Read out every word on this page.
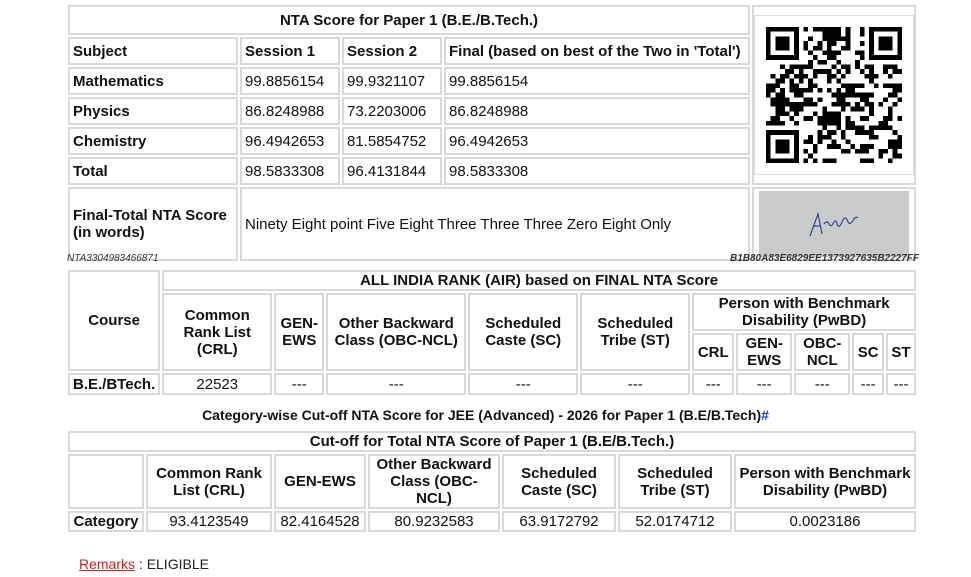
NTA Score for Paper 1 (B.E./B.Tech.)	

Subject	Session 1	Session 2	Final (based on best of the Two in 'Total')	
Mathematics	99.8856154	99.9321107	99.8856154	
Physics	86.8248988	73.2203006	86.8248988	
Chemistry	96.4942653	81.5854752	96.4942653	
Total	98.5833308	96.4131844	98.5833308	
Final-Total NTA Score (in words)	Ninety Eight point Five Eight Three Three Three Zero Eight Only			Aryan
NTA3304983466871	B1B80A83E6829EE1373927635B2227FF
Course	ALL INDIA RANK (AIR) based on FINAL NTA Score									
	Common Rank List (CRL)	GEN-EWS	Other Backward Class (OBC-NCL)	Scheduled Caste (SC)	Scheduled Tribe (ST)	Person with Benchmark Disability (PwBD)				
						CRL	GEN-EWS	OBC-NCL	SC	ST
B.E./BTech.	22523	---	---	---	---	---	---	---	---	---
Category-wise Cut-off NTA Score for JEE (Advanced) - 2026 for Paper 1 (B.E/B.Tech)#
Cut-off for Total NTA Score of Paper 1 (B.E/B.Tech.)						
	Common Rank List (CRL)	GEN-EWS	Other Backward Class (OBC-NCL)	Scheduled Caste (SC)	Scheduled Tribe (ST)	Person with Benchmark Disability (PwBD)
Category	93.4123549	82.4164528	80.9232583	63.9172792	52.0174712	0.0023186
Remarks : ELIGIBLE
